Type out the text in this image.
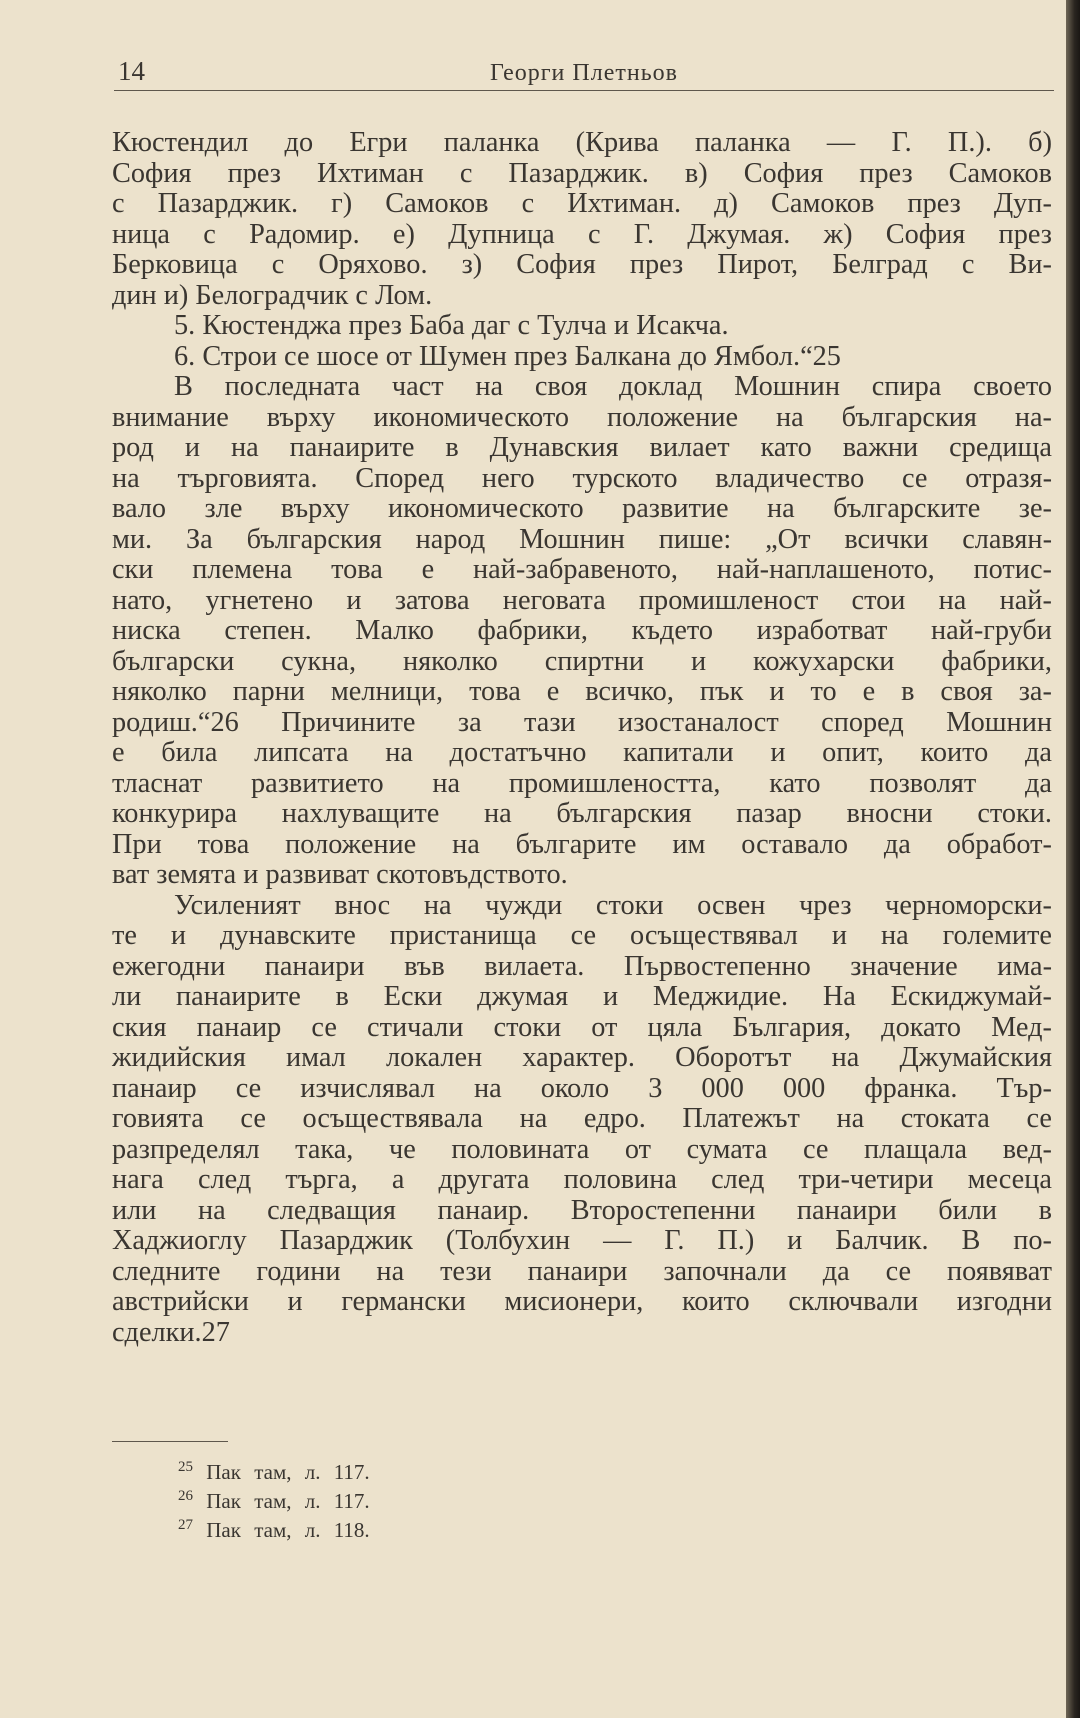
14	Георги Плетньов
Кюстендил до Егри паланка (Крива паланка — Г. П.). б)
София през Ихтиман с Пазарджик. в) София през Самоков
с Пазарджик. г) Самоков с Ихтиман. д) Самоков през Дуп-
ница с Радомир. е) Дупница с Г. Джумая. ж) София през
Берковица с Оряхово. з) София през Пирот, Белград с Ви-
дин
и)
Белоградчик
с
Лом.
5.
Кюстенджа
през
Баба
даг
с
Тулча
и
Исакча.
6.
Строи
се
шосе
от
Шумен
през
Балкана
до
Ямбол.“25
В последната част на своя доклад Мошнин спира своето
внимание върху икономическото положение на българския на-
род и на панаирите в Дунавския вилает като важни средища
на търговията. Според него турското владичество се отразя-
вало зле върху икономическото развитие на българските зе-
ми. За българския народ Мошнин пише: „От всички славян-
ски племена това е най-забравеното, най-наплашеното, потис-
нато, угнетено и затова неговата промишленост стои на най-
ниска степен. Малко фабрики, където изработват най-груби
български сукна, няколко спиртни и кожухарски фабрики,
няколко парни мелници, това е всичко, пък и то е в своя за-
родиш.“26 Причините за тази изостаналост според Мошнин
е била липсата на достатъчно капитали и опит, които да
тласнат развитието на промишлеността, като позволят да
конкурира нахлуващите на българския пазар вносни стоки.
При това положение на българите им оставало да обработ-
ват
земята
и
развиват
скотовъдството.
Усиленият внос на чужди стоки освен чрез черноморски-
те и дунавските пристанища се осъществявал и на големите
ежегодни панаири във вилаета. Първостепенно значение има-
ли панаирите в Ески джумая и Меджидие. На Ескиджумай-
ския панаир се стичали стоки от цяла България, докато Мед-
жидийския имал локален характер. Оборотът на Джумайския
панаир се изчислявал на около 3 000 000 франка. Тър-
говията се осъществявала на едро. Платежът на стоката се
разпределял така, че половината от сумата се плащала вед-
нага след търга, а другата половина след три-четири месеца
или на следващия панаир. Второстепенни панаири били в
Хаджиоглу Пазарджик (Толбухин — Г. П.) и Балчик. В по-
следните години на тези панаири започнали да се появяват
австрийски и германски мисионери, които сключвали изгодни
сделки.27
$^{25}$ Пак там, л. 117.
$^{26}$ Пак там, л. 117.
$^{27}$ Пак там, л. 118.
